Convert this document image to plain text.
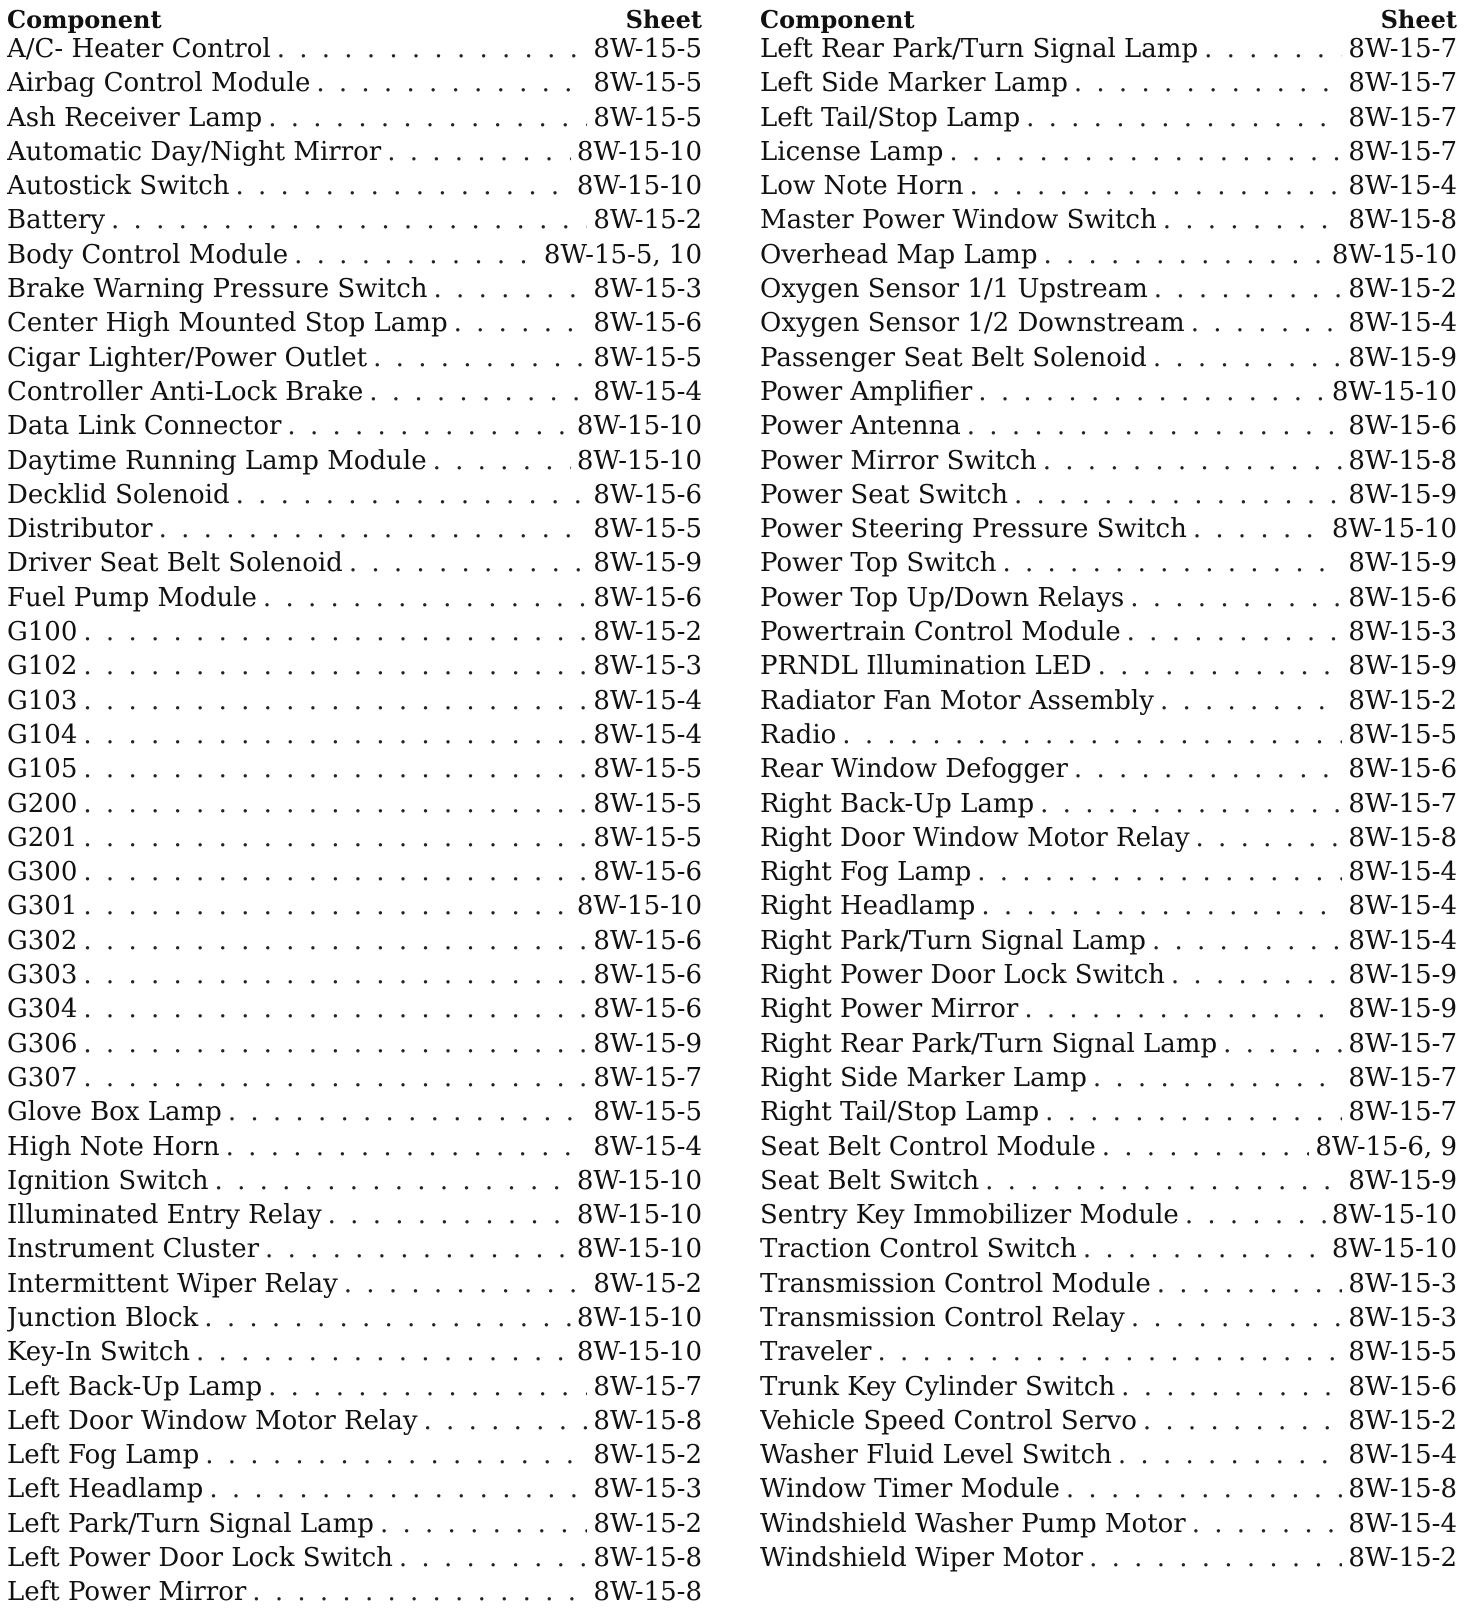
Component	Sheet
A/C- Heater Control . . .	8W-15-5
Airbag Control Module . . .	8W-15-5
Ash Receiver Lamp . . .	8W-15-5
Automatic Day/Night Mirror . . .	8W-15-10
Autostick Switch . . .	8W-15-10
Battery . . .	8W-15-2
Body Control Module . . .	8W-15-5, 10
Brake Warning Pressure Switch . . .	8W-15-3
Center High Mounted Stop Lamp . . .	8W-15-6
Cigar Lighter/Power Outlet . . .	8W-15-5
Controller Anti-Lock Brake . . .	8W-15-4
Data Link Connector . . .	8W-15-10
Daytime Running Lamp Module . . .	8W-15-10
Decklid Solenoid . . .	8W-15-6
Distributor . . .	8W-15-5
Driver Seat Belt Solenoid . . .	8W-15-9
Fuel Pump Module . . .	8W-15-6
G100 . . .	8W-15-2
G102 . . .	8W-15-3
G103 . . .	8W-15-4
G104 . . .	8W-15-4
G105 . . .	8W-15-5
G200 . . .	8W-15-5
G201 . . .	8W-15-5
G300 . . .	8W-15-6
G301 . . .	8W-15-10
G302 . . .	8W-15-6
G303 . . .	8W-15-6
G304 . . .	8W-15-6
G306 . . .	8W-15-9
G307 . . .	8W-15-7
Glove Box Lamp . . .	8W-15-5
High Note Horn . . .	8W-15-4
Ignition Switch . . .	8W-15-10
Illuminated Entry Relay . . .	8W-15-10
Instrument Cluster . . .	8W-15-10
Intermittent Wiper Relay . . .	8W-15-2
Junction Block . . .	8W-15-10
Key-In Switch . . .	8W-15-10
Left Back-Up Lamp . . .	8W-15-7
Left Door Window Motor Relay . . .	8W-15-8
Left Fog Lamp . . .	8W-15-2
Left Headlamp . . .	8W-15-3
Left Park/Turn Signal Lamp . . .	8W-15-2
Left Power Door Lock Switch . . .	8W-15-8
Left Power Mirror . . .	8W-15-8
Component	Sheet
Left Rear Park/Turn Signal Lamp . . .	8W-15-7
Left Side Marker Lamp . . .	8W-15-7
Left Tail/Stop Lamp . . .	8W-15-7
License Lamp . . .	8W-15-7
Low Note Horn . . .	8W-15-4
Master Power Window Switch . . .	8W-15-8
Overhead Map Lamp . . .	8W-15-10
Oxygen Sensor 1/1 Upstream . . .	8W-15-2
Oxygen Sensor 1/2 Downstream . . .	8W-15-4
Passenger Seat Belt Solenoid . . .	8W-15-9
Power Amplifier . . .	8W-15-10
Power Antenna . . .	8W-15-6
Power Mirror Switch . . .	8W-15-8
Power Seat Switch . . .	8W-15-9
Power Steering Pressure Switch . . .	8W-15-10
Power Top Switch . . .	8W-15-9
Power Top Up/Down Relays . . .	8W-15-6
Powertrain Control Module . . .	8W-15-3
PRNDL Illumination LED . . .	8W-15-9
Radiator Fan Motor Assembly . . .	8W-15-2
Radio . . .	8W-15-5
Rear Window Defogger . . .	8W-15-6
Right Back-Up Lamp . . .	8W-15-7
Right Door Window Motor Relay . . .	8W-15-8
Right Fog Lamp . . .	8W-15-4
Right Headlamp . . .	8W-15-4
Right Park/Turn Signal Lamp . . .	8W-15-4
Right Power Door Lock Switch . . .	8W-15-9
Right Power Mirror . . .	8W-15-9
Right Rear Park/Turn Signal Lamp . . .	8W-15-7
Right Side Marker Lamp . . .	8W-15-7
Right Tail/Stop Lamp . . .	8W-15-7
Seat Belt Control Module . . .	8W-15-6, 9
Seat Belt Switch . . .	8W-15-9
Sentry Key Immobilizer Module . . .	8W-15-10
Traction Control Switch . . .	8W-15-10
Transmission Control Module . . .	8W-15-3
Transmission Control Relay . . .	8W-15-3
Traveler . . .	8W-15-5
Trunk Key Cylinder Switch . . .	8W-15-6
Vehicle Speed Control Servo . . .	8W-15-2
Washer Fluid Level Switch . . .	8W-15-4
Window Timer Module . . .	8W-15-8
Windshield Washer Pump Motor . . .	8W-15-4
Windshield Wiper Motor . . .	8W-15-2
